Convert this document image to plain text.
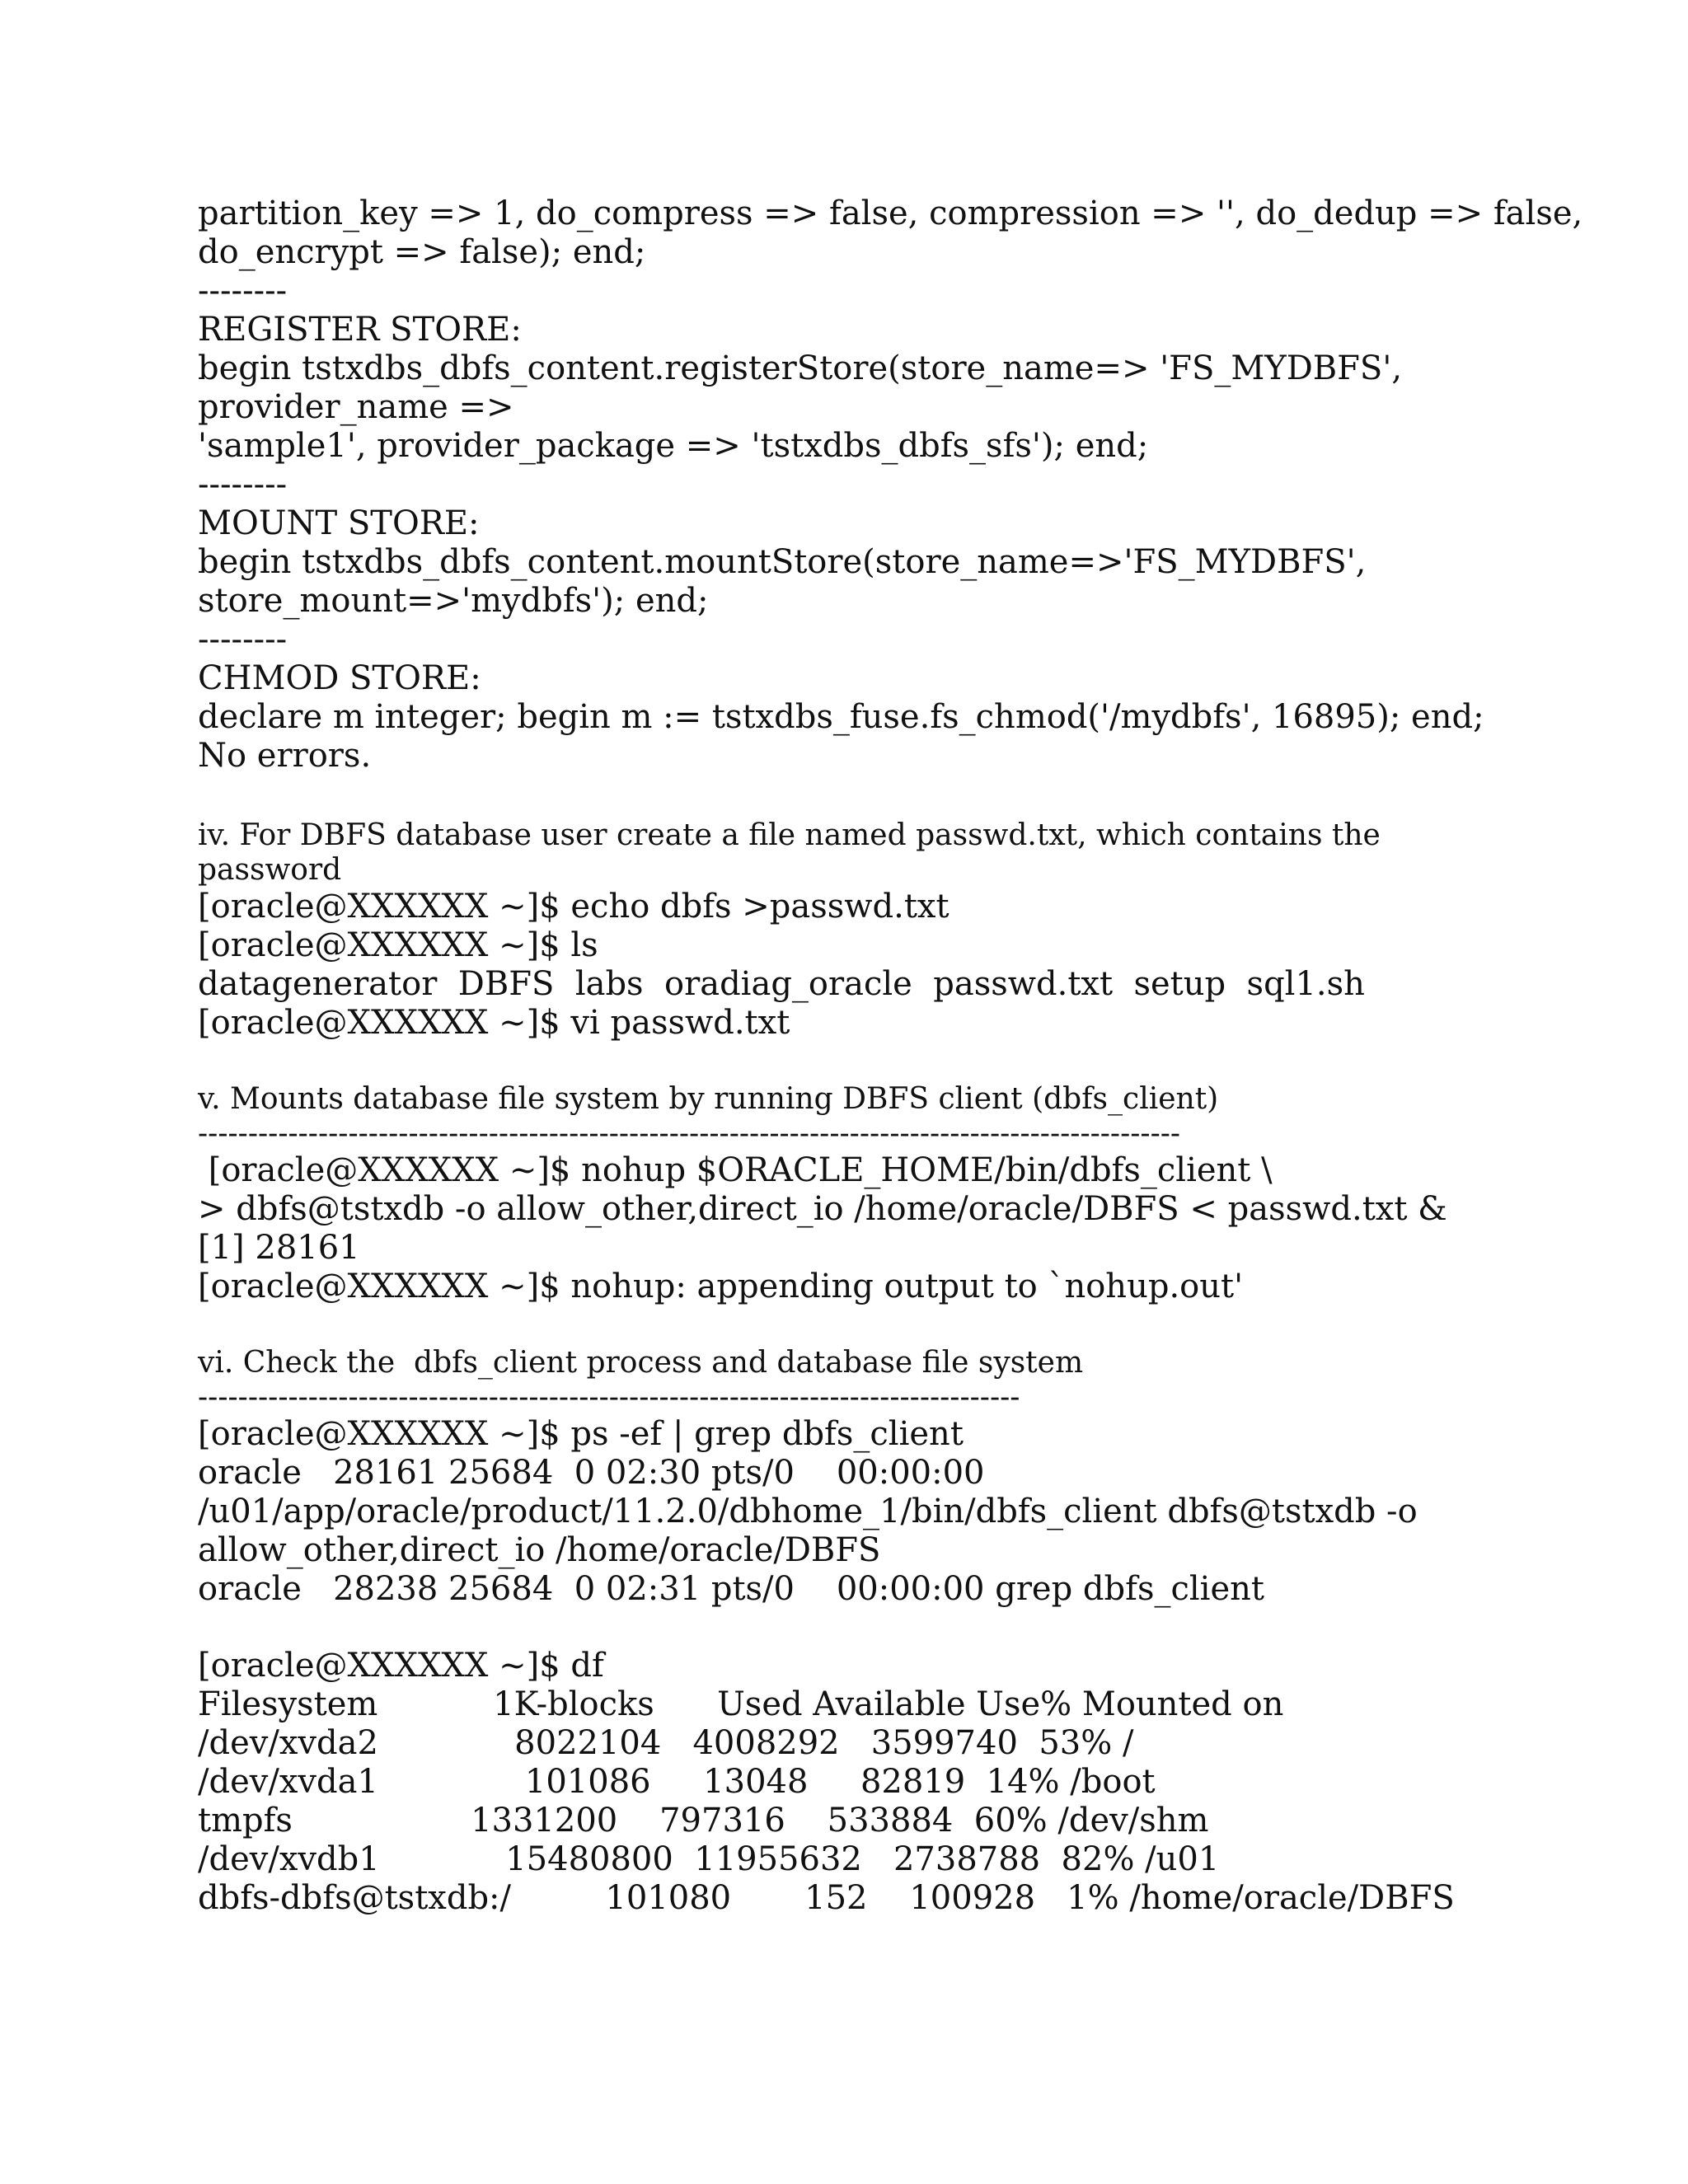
partition_key => 1, do_compress => false, compression => '', do_dedup => false,
do_encrypt => false); end;
--------
REGISTER STORE:
begin tstxdbs_dbfs_content.registerStore(store_name=> 'FS_MYDBFS',
provider_name =>
'sample1', provider_package => 'tstxdbs_dbfs_sfs'); end;
--------
MOUNT STORE:
begin tstxdbs_dbfs_content.mountStore(store_name=>'FS_MYDBFS',
store_mount=>'mydbfs'); end;
--------
CHMOD STORE:
declare m integer; begin m := tstxdbs_fuse.fs_chmod('/mydbfs', 16895); end;
No errors.
iv. For DBFS database user create a file named passwd.txt, which contains the
password
[oracle@XXXXXX ~]$ echo dbfs >passwd.txt
[oracle@XXXXXX ~]$ ls
datagenerator  DBFS  labs  oradiag_oracle  passwd.txt  setup  sql1.sh
[oracle@XXXXXX ~]$ vi passwd.txt
v. Mounts database file system by running DBFS client (dbfs_client)
--------------------------------------------------------------------------------------------------
[oracle@XXXXXX ~]$ nohup $ORACLE_HOME/bin/dbfs_client \
> dbfs@tstxdb -o allow_other,direct_io /home/oracle/DBFS < passwd.txt &
[1] 28161
[oracle@XXXXXX ~]$ nohup: appending output to `nohup.out'
vi. Check the  dbfs_client process and database file system
----------------------------------------------------------------------------------
[oracle@XXXXXX ~]$ ps -ef | grep dbfs_client
oracle   28161 25684  0 02:30 pts/0    00:00:00
/u01/app/oracle/product/11.2.0/dbhome_1/bin/dbfs_client dbfs@tstxdb -o
allow_other,direct_io /home/oracle/DBFS
oracle   28238 25684  0 02:31 pts/0    00:00:00 grep dbfs_client
[oracle@XXXXXX ~]$ df
Filesystem           1K-blocks      Used Available Use% Mounted on
/dev/xvda2             8022104   4008292   3599740  53% /
/dev/xvda1              101086     13048     82819  14% /boot
tmpfs                 1331200    797316    533884  60% /dev/shm
/dev/xvdb1            15480800  11955632   2738788  82% /u01
dbfs-dbfs@tstxdb:/         101080       152    100928   1% /home/oracle/DBFS
